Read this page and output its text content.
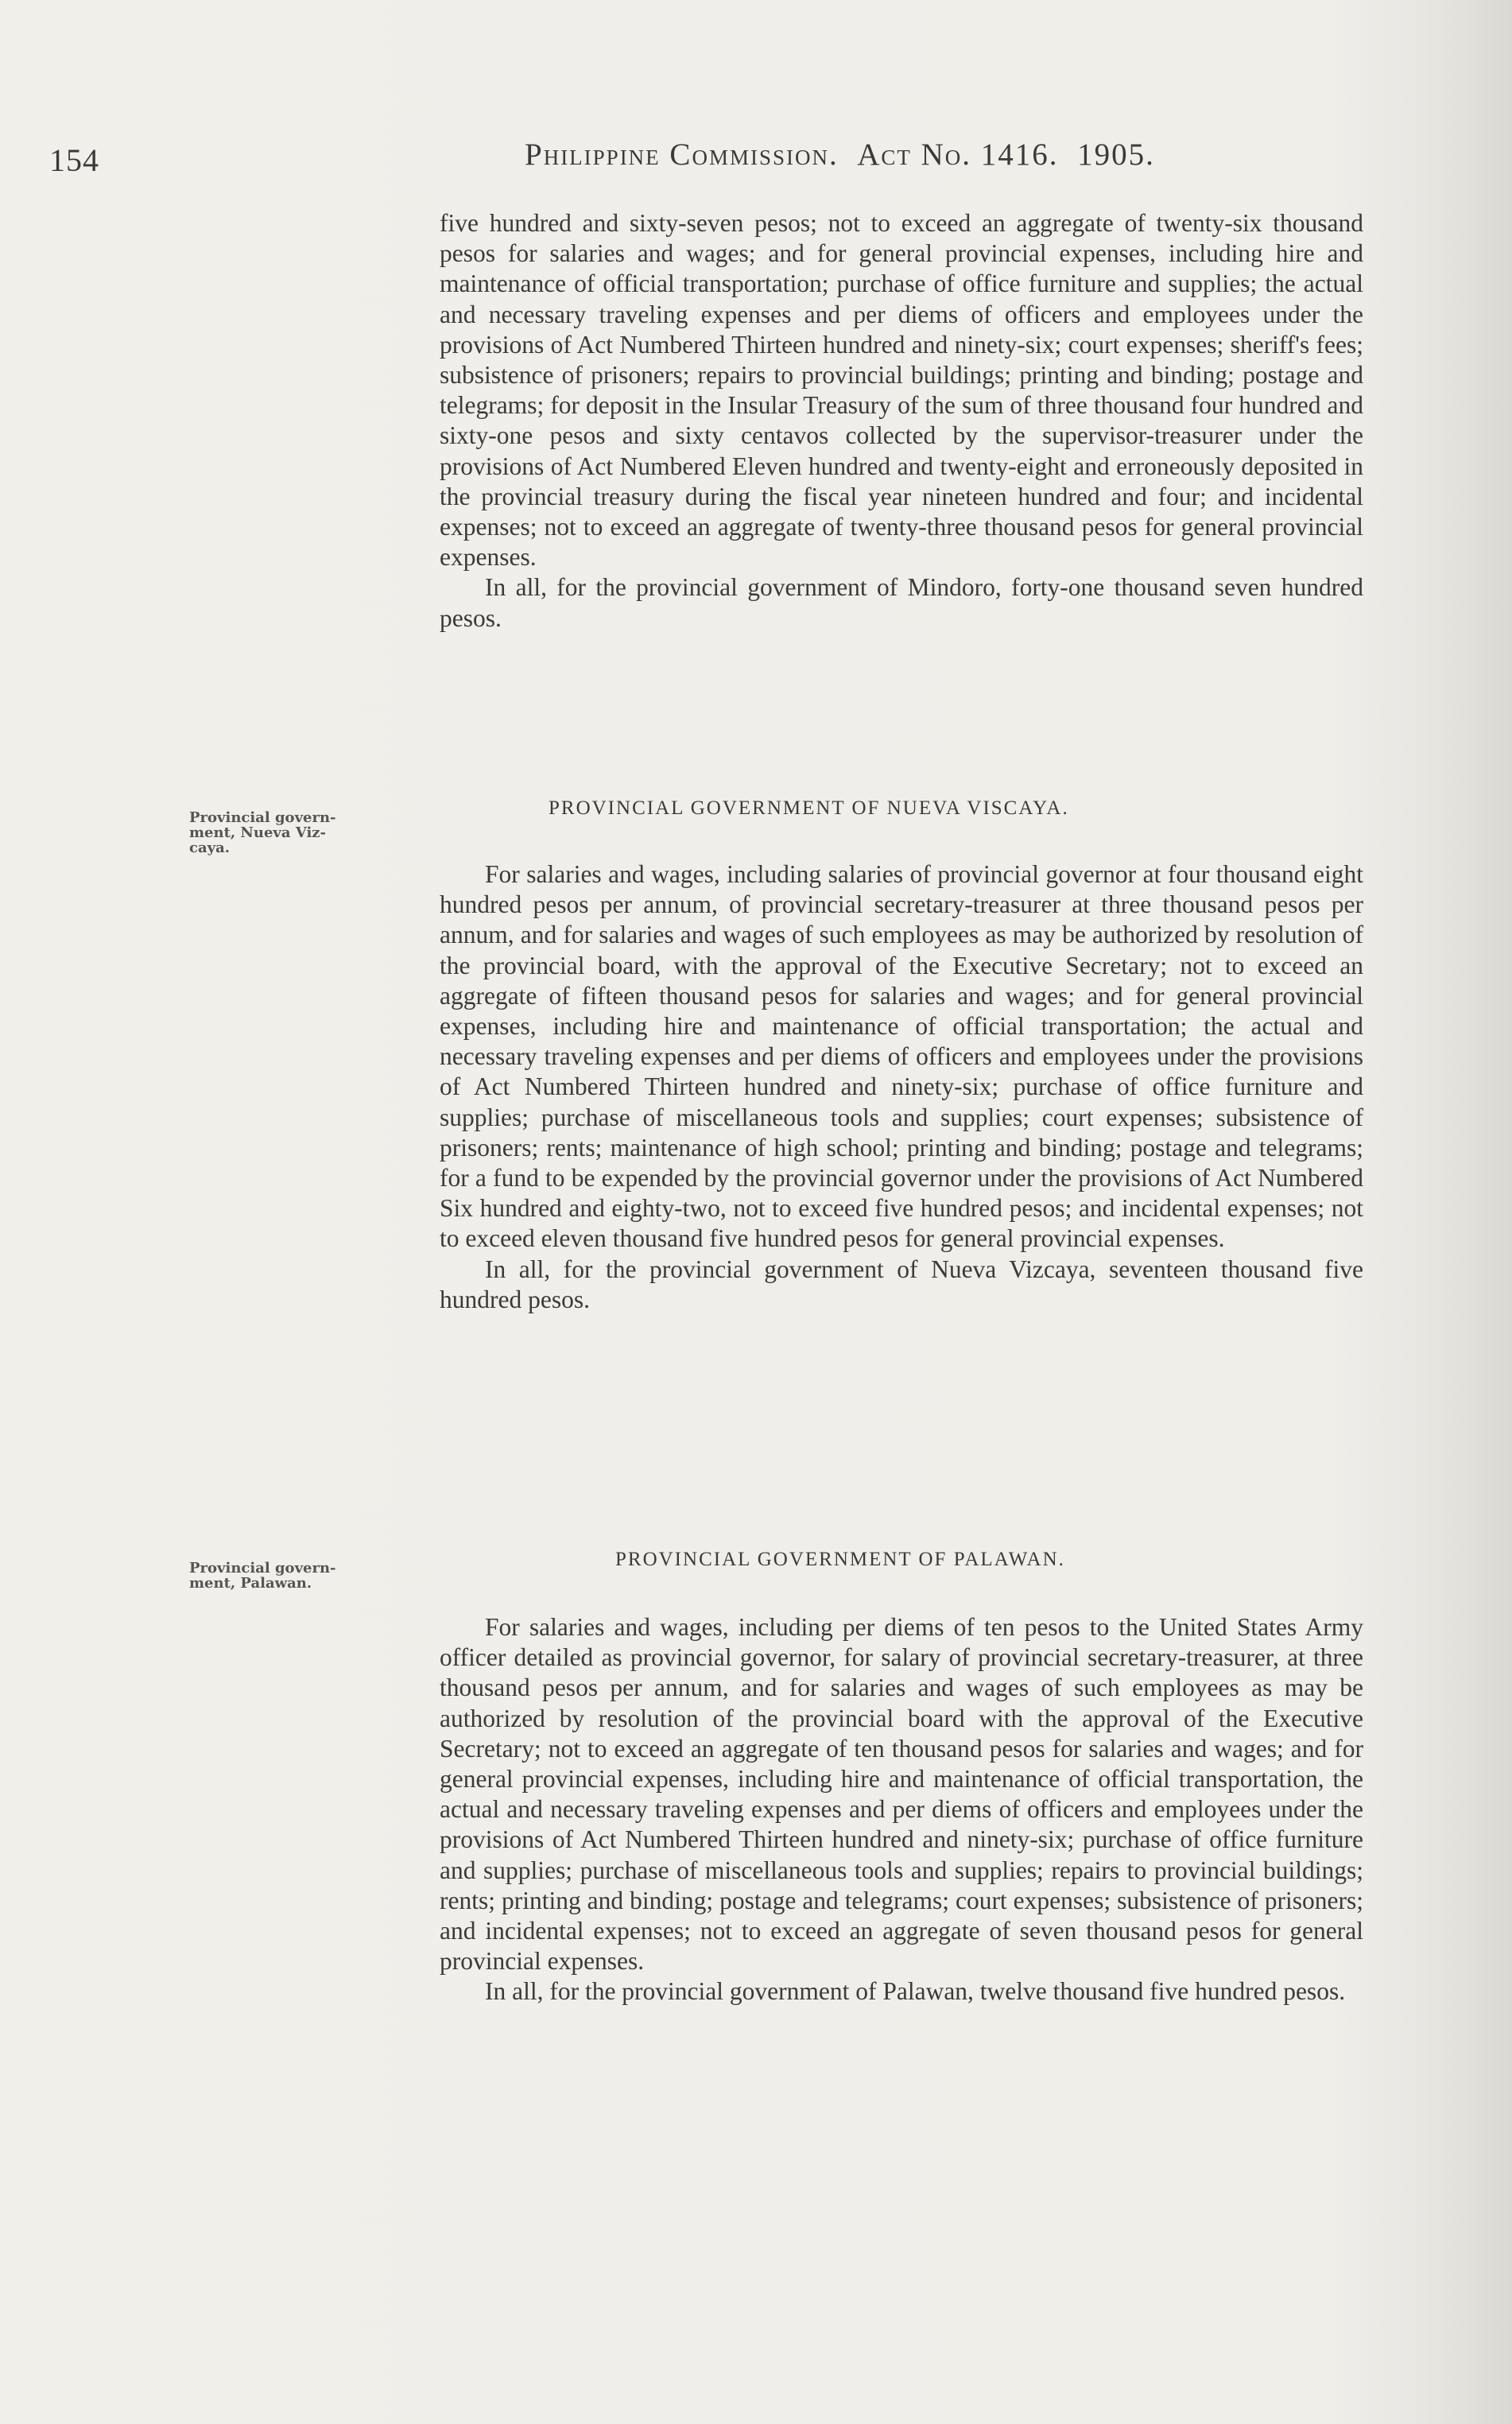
154	Philippine Commission. Act No. 1416. 1905.

five hundred and sixty-seven pesos; not to exceed an aggregate of twenty-six thousand pesos for salaries and wages; and for general provincial expenses, including hire and maintenance of official transportation; purchase of office furniture and supplies; the actual and necessary traveling expenses and per diems of officers and employees under the provisions of Act Numbered Thirteen hundred and ninety-six; court expenses; sheriff's fees; subsistence of prisoners; repairs to provincial buildings; printing and binding; postage and telegrams; for deposit in the Insular Treasury of the sum of three thousand four hundred and sixty-one pesos and sixty centavos collected by the supervisor-treasurer under the provisions of Act Numbered Eleven hundred and twenty-eight and erroneously deposited in the provincial treasury during the fiscal year nineteen hundred and four; and incidental expenses; not to exceed an aggregate of twenty-three thousand pesos for general provincial expenses.

In all, for the provincial government of Mindoro, forty-one thousand seven hundred pesos.

Provincial govern-
ment, Nueva Viz-
caya.
PROVINCIAL GOVERNMENT OF NUEVA VISCAYA.

For salaries and wages, including salaries of provincial governor at four thousand eight hundred pesos per annum, of provincial secretary-treasurer at three thousand pesos per annum, and for salaries and wages of such employees as may be authorized by resolution of the provincial board, with the approval of the Executive Secretary; not to exceed an aggregate of fifteen thousand pesos for salaries and wages; and for general provincial expenses, including hire and maintenance of official transportation; the actual and necessary traveling expenses and per diems of officers and employees under the provisions of Act Numbered Thirteen hundred and ninety-six; purchase of office furniture and supplies; purchase of miscellaneous tools and supplies; court expenses; subsistence of prisoners; rents; maintenance of high school; printing and binding; postage and telegrams; for a fund to be expended by the provincial governor under the provisions of Act Numbered Six hundred and eighty-two, not to exceed five hundred pesos; and incidental expenses; not to exceed eleven thousand five hundred pesos for general provincial expenses.

In all, for the provincial government of Nueva Vizcaya, seventeen thousand five hundred pesos.

Provincial govern-
ment, Palawan.
PROVINCIAL GOVERNMENT OF PALAWAN.

For salaries and wages, including per diems of ten pesos to the United States Army officer detailed as provincial governor, for salary of provincial secretary-treasurer, at three thousand pesos per annum, and for salaries and wages of such employees as may be authorized by resolution of the provincial board with the approval of the Executive Secretary; not to exceed an aggregate of ten thousand pesos for salaries and wages; and for general provincial expenses, including hire and maintenance of official transportation, the actual and necessary traveling expenses and per diems of officers and employees under the provisions of Act Numbered Thirteen hundred and ninety-six; purchase of office furniture and supplies; purchase of miscellaneous tools and supplies; repairs to provincial buildings; rents; printing and binding; postage and telegrams; court expenses; subsistence of prisoners; and incidental expenses; not to exceed an aggregate of seven thousand pesos for general provincial expenses.

In all, for the provincial government of Palawan, twelve thousand five hundred pesos.
